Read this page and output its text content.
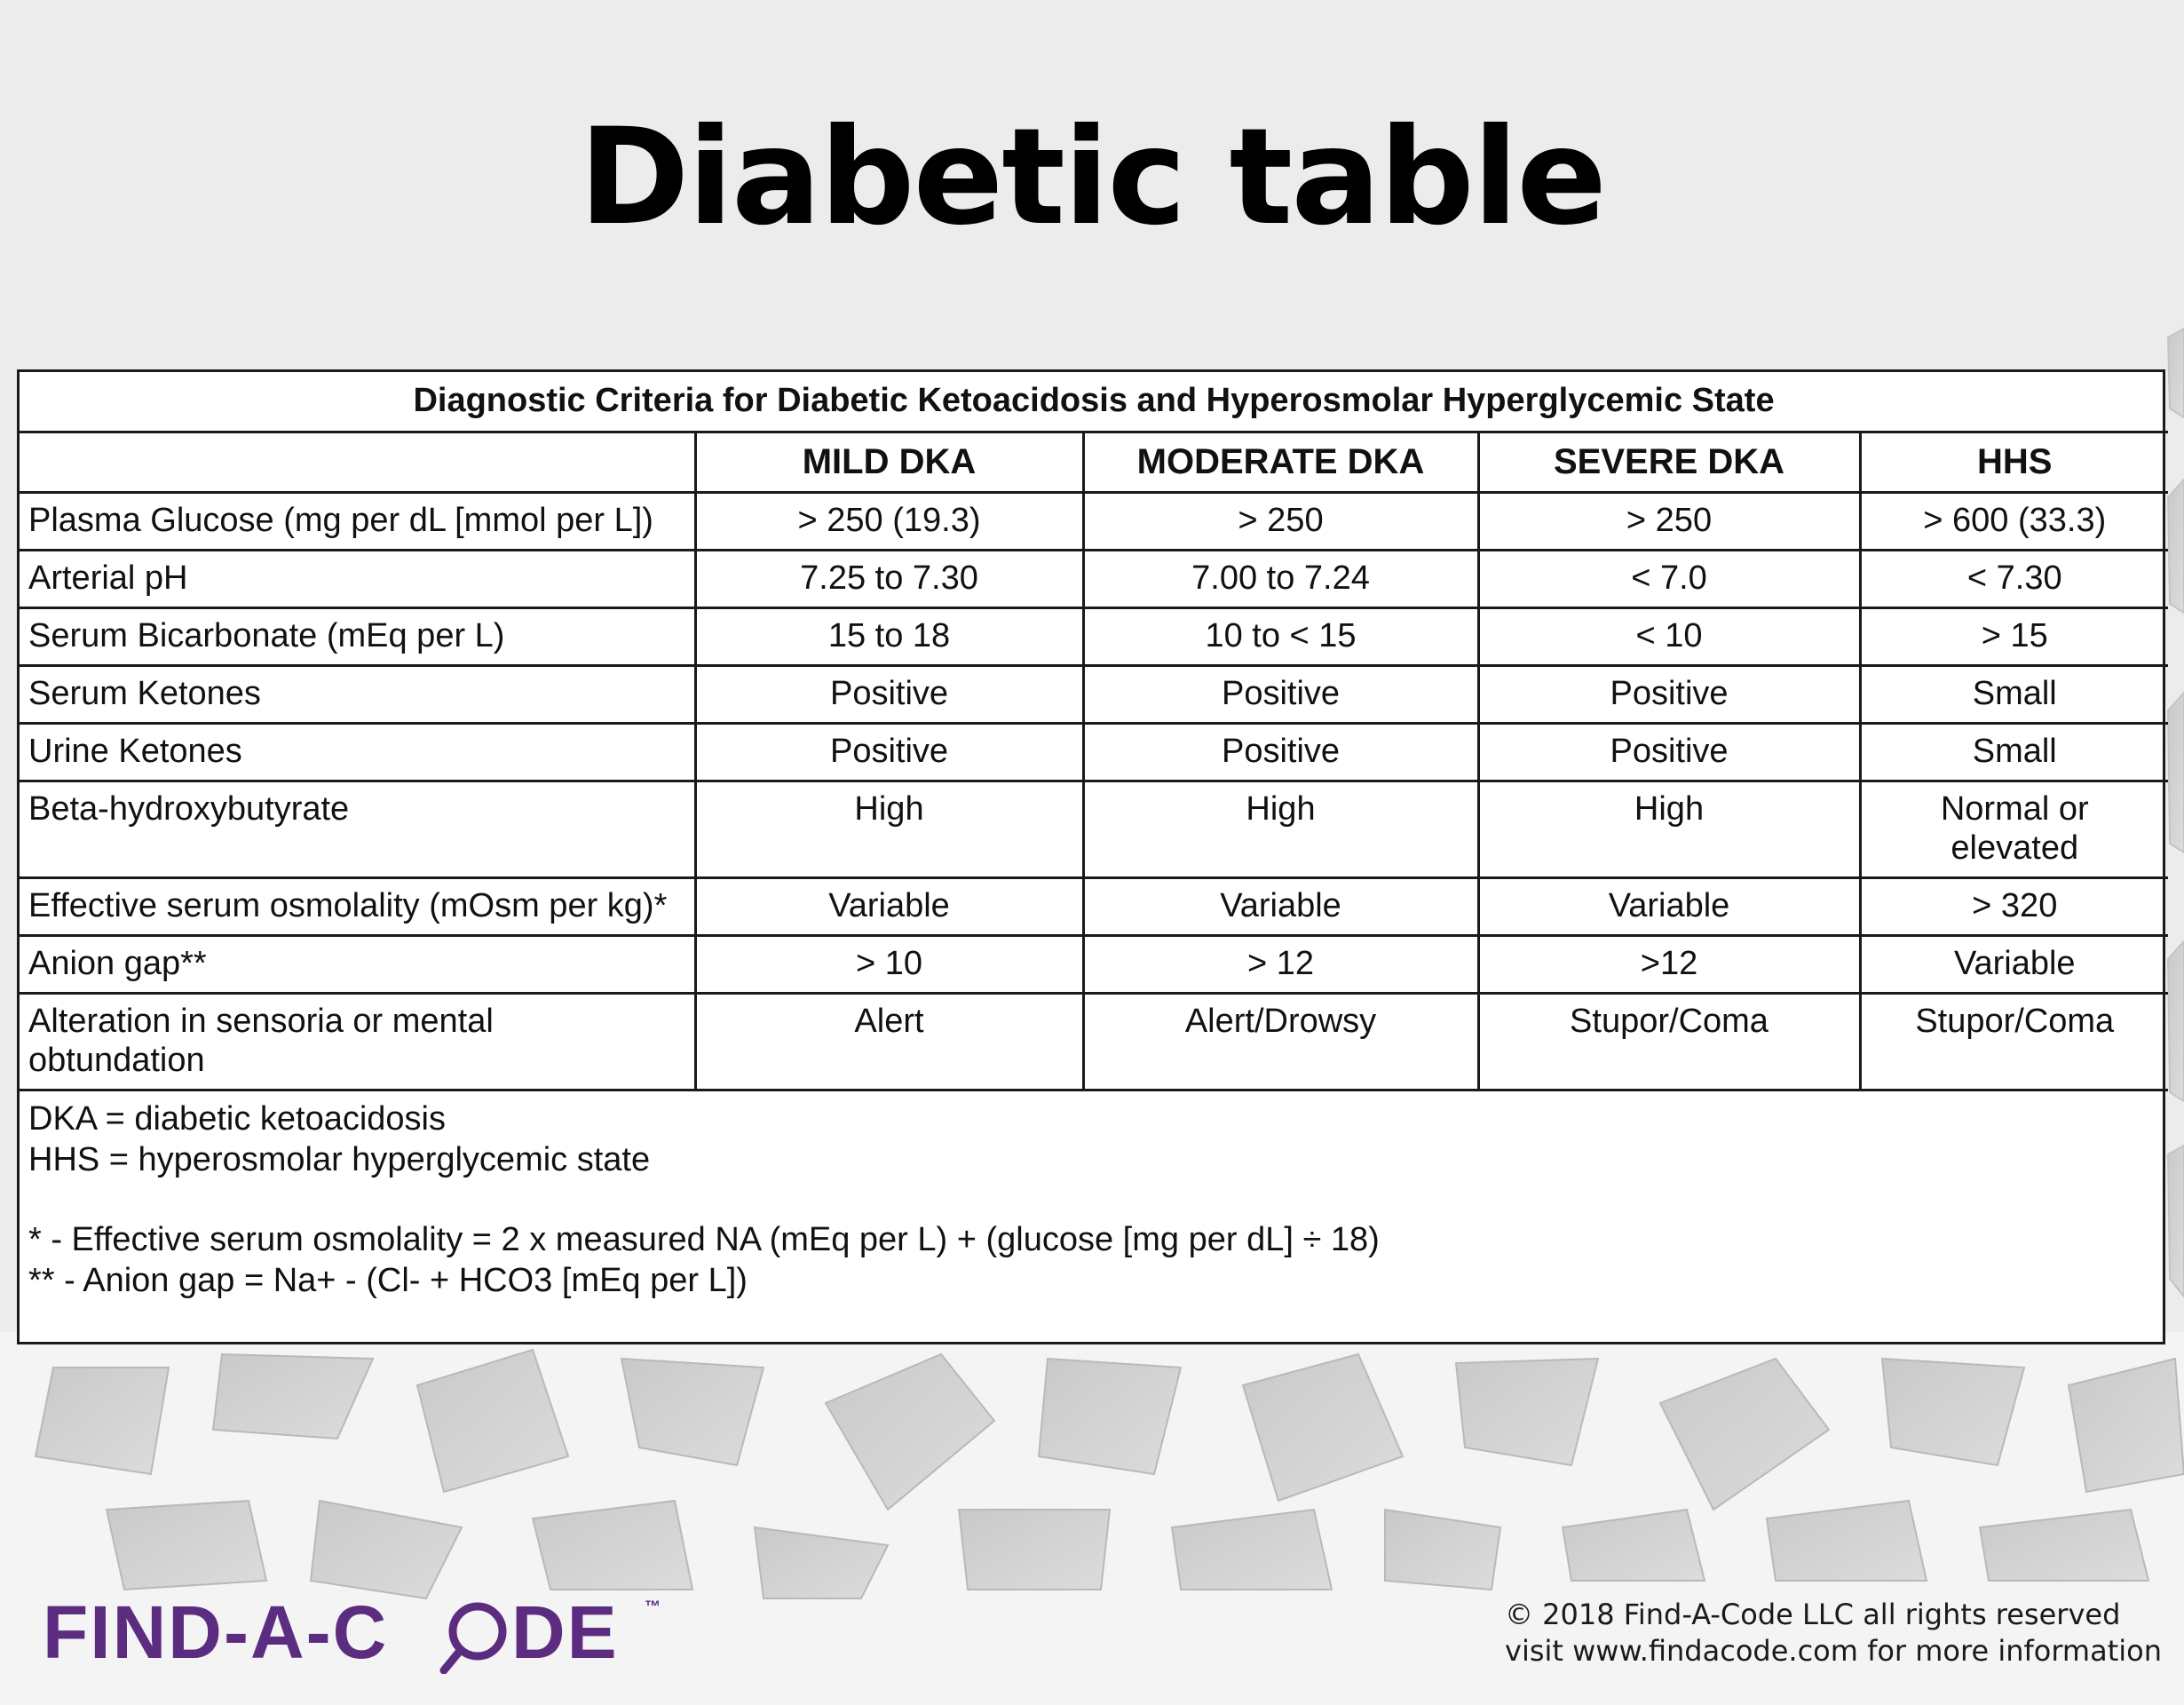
Diabetic table
Diagnostic Criteria for Diabetic Ketoacidosis and Hyperosmolar Hyperglycemic State				
	MILD DKA	MODERATE DKA	SEVERE DKA	HHS
Plasma Glucose (mg per dL [mmol per L])	> 250 (19.3)	> 250	> 250	> 600 (33.3)
Arterial pH	7.25 to 7.30	7.00 to 7.24	< 7.0	< 7.30
Serum Bicarbonate (mEq per L)	15 to 18	10 to < 15	< 10	> 15
Serum Ketones	Positive	Positive	Positive	Small
Urine Ketones	Positive	Positive	Positive	Small
Beta-hydroxybutyrate	High	High	High	Normal or elevated
Effective serum osmolality (mOsm per kg)*	Variable	Variable	Variable	> 320
Anion gap**	> 10	> 12	>12	Variable
Alteration in sensoria or mental obtundation	Alert	Alert/Drowsy	Stupor/Coma	Stupor/Coma

DKA = diabetic ketoacidosis
HHS = hyperosmolar hyperglycemic state
* - Effective serum osmolality = 2 x measured NA (mEq per L) + (glucose [mg per dL] ÷ 18)
** - Anion gap = Na+ - (Cl- + HCO3 [mEq per L])				
FIND-A-C DE ™	© 2018 Find-A-Code LLC all rights reserved
visit www.findacode.com for more information
